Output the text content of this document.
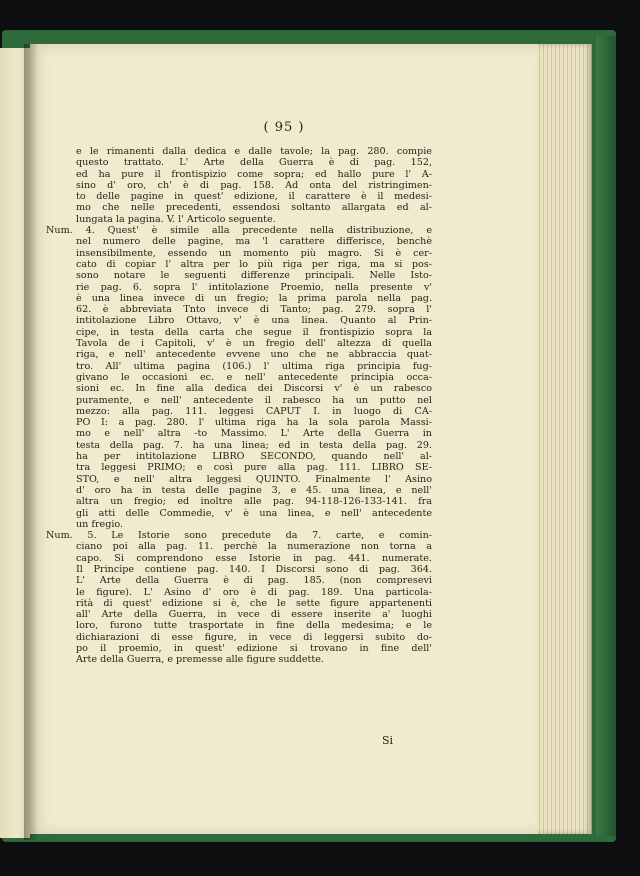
( 95 )
e le rimanenti dalla dedica e dalle tavole; la pag. 280. compie
questo trattato. L' Arte della Guerra è di pag. 152,
ed ha pure il frontispizio come sopra; ed hallo pure l' A-
sino d' oro, ch' è di pag. 158. Ad onta del ristringimen-
to delle pagine in quest' edizione, il carattere è il medesi-
mo che nelle precedenti, essendosi soltanto allargata ed al-
lungata la pagina. V. l' Articolo seguente.
Num. 4. Quest' è simile alla precedente nella distribuzione, e
nel numero delle pagine, ma 'l carattere differisce, benchè
insensibilmente, essendo un momento più magro. Si è cer-
cato di copiar l' altra per lo più riga per riga, ma si pos-
sono notare le seguenti differenze principali. Nelle Isto-
rie pag. 6. sopra l' intitolazione Proemio, nella presente v'
è una linea invece di un fregio; la prima parola nella pag.
62. è abbreviata Tnto invece di Tanto; pag. 279. sopra l'
intitolazione Libro Ottavo, v' è una linea. Quanto al Prin-
cipe, in testa della carta che segue il frontispizio sopra la
Tavola de i Capitoli, v' è un fregio dell' altezza di quella
riga, e nell' antecedente evvene uno che ne abbraccia quat-
tro. All' ultima pagina (106.) l' ultima riga principia fug-
givano le occasioni ec. e nell' antecedente principia occa-
sioni ec. In fine alla dedica dei Discorsi v' è un rabesco
puramente, e nell' antecedente il rabesco ha un putto nel
mezzo: alla pag. 111. leggesi CAPUT I. in luogo di CA-
PO I: a pag. 280. l' ultima riga ha la sola parola Massi-
mo e nell' altra -to Massimo. L' Arte della Guerra in
testa della pag. 7. ha una linea; ed in testa della pag. 29.
ha per intitolazione LIBRO SECONDO, quando nell' al-
tra leggesi PRIMO; e così pure alla pag. 111. LIBRO SE-
STO, e nell' altra leggesi QUINTO. Finalmente l' Asino
d' oro ha in testa delle pagine 3, e 45. una linea, e nell'
altra un fregio; ed inoltre alle pag. 94-118-126-133-141. fra
gli atti delle Commedie, v' è una linea, e nell' antecedente
un fregio.
Num. 5. Le Istorie sono precedute da 7. carte, e comin-
ciano poi alla pag. 11. perchè la numerazione non torna a
capo. Si comprendono esse Istorie in pag. 441. numerate.
Il Principe contiene pag. 140. I Discorsi sono di pag. 364.
L' Arte della Guerra è di pag. 185. (non compresevi
le figure). L' Asino d' oro è di pag. 189. Una particola-
rità di quest' edizione si è, che le sette figure appartenenti
all' Arte della Guerra, in vece di essere inserite a' luoghi
loro, furono tutte trasportate in fine della medesima; e le
dichiarazioni di esse figure, in vece di leggersi subito do-
po il proemio, in quest' edizione si trovano in fine dell'
Arte della Guerra, e premesse alle figure suddette.
Si
